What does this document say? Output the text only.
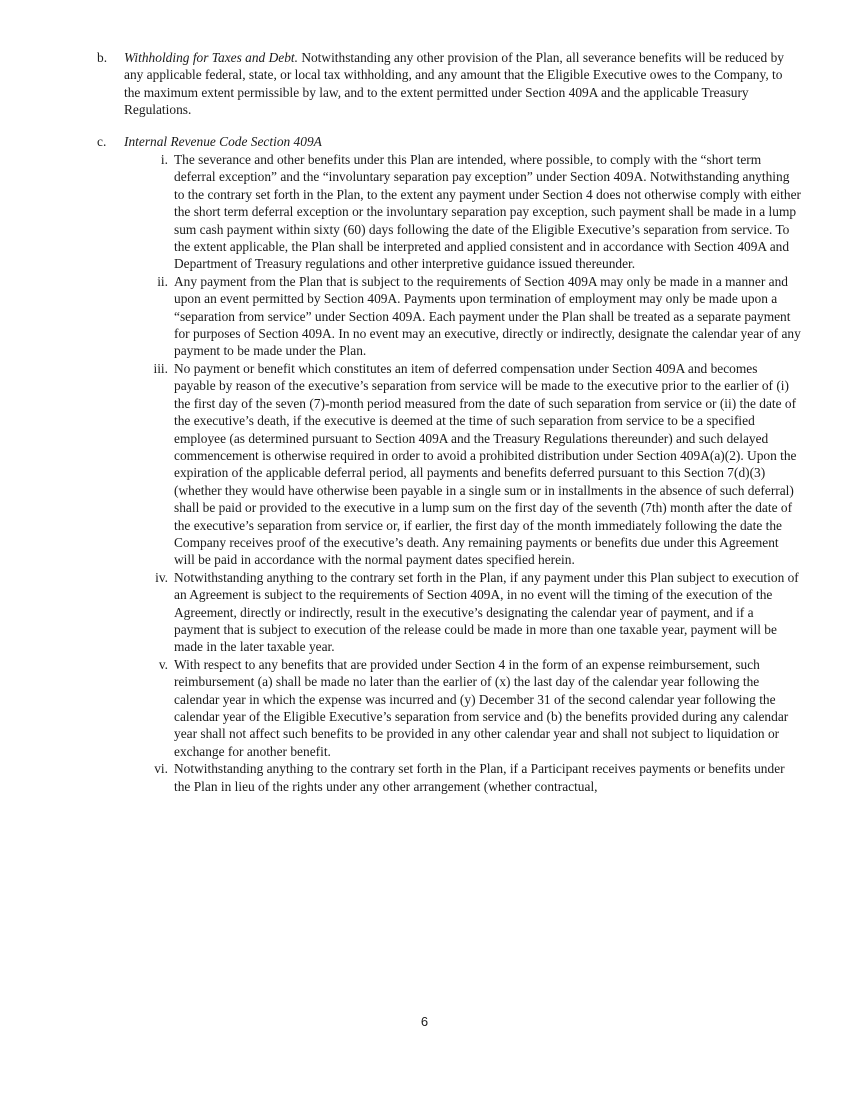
b. Withholding for Taxes and Debt. Notwithstanding any other provision of the Plan, all severance benefits will be reduced by any applicable federal, state, or local tax withholding, and any amount that the Eligible Executive owes to the Company, to the maximum extent permissible by law, and to the extent permitted under Section 409A and the applicable Treasury Regulations.
c. Internal Revenue Code Section 409A

i. The severance and other benefits under this Plan are intended, where possible, to comply with the “short term deferral exception” and the “involuntary separation pay exception” under Section 409A. Notwithstanding anything to the contrary set forth in the Plan, to the extent any payment under Section 4 does not otherwise comply with either the short term deferral exception or the involuntary separation pay exception, such payment shall be made in a lump sum cash payment within sixty (60) days following the date of the Eligible Executive’s separation from service. To the extent applicable, the Plan shall be interpreted and applied consistent and in accordance with Section 409A and Department of Treasury regulations and other interpretive guidance issued thereunder.

ii. Any payment from the Plan that is subject to the requirements of Section 409A may only be made in a manner and upon an event permitted by Section 409A. Payments upon termination of employment may only be made upon a “separation from service” under Section 409A. Each payment under the Plan shall be treated as a separate payment for purposes of Section 409A. In no event may an executive, directly or indirectly, designate the calendar year of any payment to be made under the Plan.

iii. No payment or benefit which constitutes an item of deferred compensation under Section 409A and becomes payable by reason of the executive’s separation from service will be made to the executive prior to the earlier of (i) the first day of the seven (7)-month period measured from the date of such separation from service or (ii) the date of the executive’s death, if the executive is deemed at the time of such separation from service to be a specified employee (as determined pursuant to Section 409A and the Treasury Regulations thereunder) and such delayed commencement is otherwise required in order to avoid a prohibited distribution under Section 409A(a)(2). Upon the expiration of the applicable deferral period, all payments and benefits deferred pursuant to this Section 7(d)(3) (whether they would have otherwise been payable in a single sum or in installments in the absence of such deferral) shall be paid or provided to the executive in a lump sum on the first day of the seventh (7th) month after the date of the executive’s separation from service or, if earlier, the first day of the month immediately following the date the Company receives proof of the executive’s death. Any remaining payments or benefits due under this Agreement will be paid in accordance with the normal payment dates specified herein.

iv. Notwithstanding anything to the contrary set forth in the Plan, if any payment under this Plan subject to execution of an Agreement is subject to the requirements of Section 409A, in no event will the timing of the execution of the Agreement, directly or indirectly, result in the executive’s designating the calendar year of payment, and if a payment that is subject to execution of the release could be made in more than one taxable year, payment will be made in the later taxable year.

v. With respect to any benefits that are provided under Section 4 in the form of an expense reimbursement, such reimbursement (a) shall be made no later than the earlier of (x) the last day of the calendar year following the calendar year in which the expense was incurred and (y) December 31 of the second calendar year following the calendar year of the Eligible Executive’s separation from service and (b) the benefits provided during any calendar year shall not affect such benefits to be provided in any other calendar year and shall not subject to liquidation or exchange for another benefit.

vi. Notwithstanding anything to the contrary set forth in the Plan, if a Participant receives payments or benefits under the Plan in lieu of the rights under any other arrangement (whether contractual,

6
